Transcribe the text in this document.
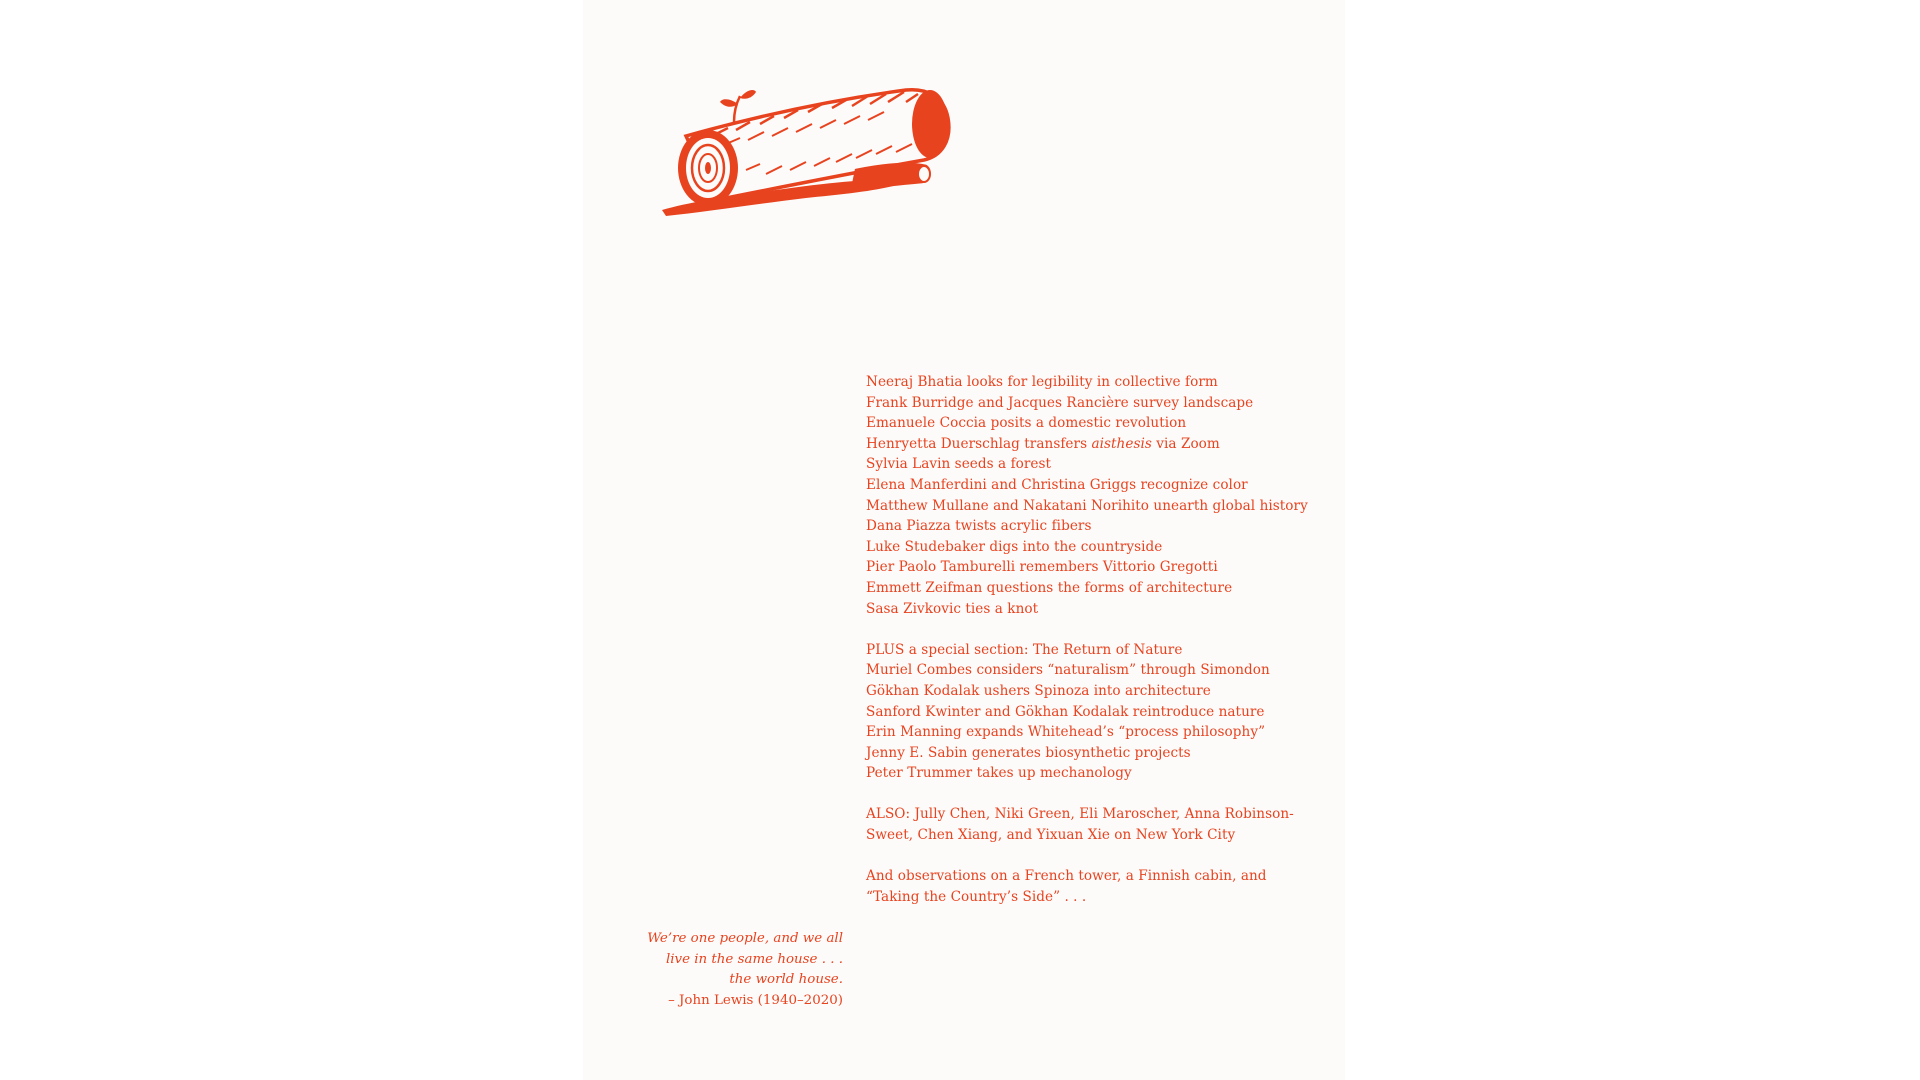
Neeraj Bhatia looks for legibility in collective form
Frank Burridge and Jacques Rancière survey landscape
Emanuele Coccia posits a domestic revolution
Henryetta Duerschlag transfers aisthesis via Zoom
Sylvia Lavin seeds a forest
Elena Manferdini and Christina Griggs recognize color
Matthew Mullane and Nakatani Norihito unearth global history
Dana Piazza twists acrylic fibers
Luke Studebaker digs into the countryside
Pier Paolo Tamburelli remembers Vittorio Gregotti
Emmett Zeifman questions the forms of architecture
Sasa Zivkovic ties a knot
PLUS a special section: The Return of Nature
Muriel Combes considers “naturalism” through Simondon
Gökhan Kodalak ushers Spinoza into architecture
Sanford Kwinter and Gökhan Kodalak reintroduce nature
Erin Manning expands Whitehead’s “process philosophy”
Jenny E. Sabin generates biosynthetic projects
Peter Trummer takes up mechanology
ALSO: Jully Chen, Niki Green, Eli Maroscher, Anna Robinson-
Sweet, Chen Xiang, and Yixuan Xie on New York City
And observations on a French tower, a Finnish cabin, and
“Taking the Country’s Side” . . .
We’re one people, and we all
live in the same house . . .
the world house.
– John Lewis (1940–2020)
